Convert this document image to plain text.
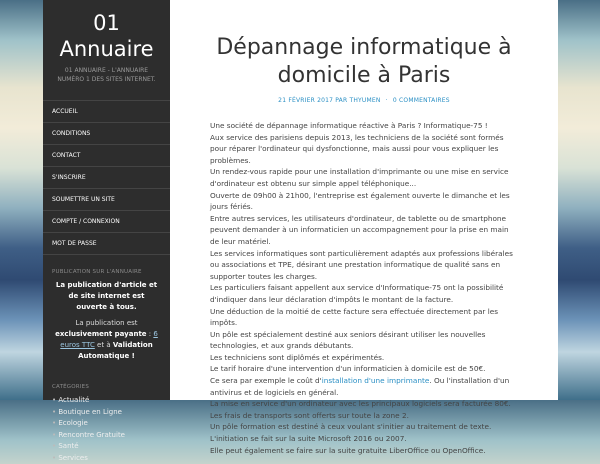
01
Annuaire
01 ANNUAIRE - L'ANNUAIRE NUMÉRO 1 DES SITES INTERNET.
ACCUEIL
CONDITIONS
CONTACT
S'INSCRIRE
SOUMETTRE UN SITE
COMPTE / CONNEXION
MOT DE PASSE
PUBLICATION SUR L'ANNUAIRE
La publication d'article et de site internet est ouverte à tous.
La publication est exclusivement payante : 6 euros TTC et à Validation Automatique !
CATÉGORIES
• Actualité
• Boutique en Ligne
• Ecologie
• Rencontre Gratuite
• Santé
• Services
Dépannage informatique à domicile à Paris
21 FÉVRIER 2017 PAR THYUMEN · 0 COMMENTAIRES

Une société de dépannage informatique réactive à Paris ? Informatique-75 !

Aux service des parisiens depuis 2013, les techniciens de la société sont formés pour réparer l'ordinateur qui dysfonctionne, mais aussi pour vous expliquer les problèmes.

Un rendez-vous rapide pour une installation d'imprimante ou une mise en service d'ordinateur est obtenu sur simple appel téléphonique...

Ouverte de 09h00 à 21h00, l'entreprise est également ouverte le dimanche et les jours fériés.

Entre autres services, les utilisateurs d'ordinateur, de tablette ou de smartphone peuvent demander à un informaticien un accompagnement pour la prise en main de leur matériel.

Les services informatiques sont particulièrement adaptés aux professions libérales ou associations et TPE, désirant une prestation informatique de qualité sans en supporter toutes les charges.

Les particuliers faisant appellent aux service d'Informatique-75 ont la possibilité d'indiquer dans leur déclaration d'impôts le montant de la facture.

Une déduction de la moitié de cette facture sera effectuée directement par les impôts.

Un pôle est spécialement destiné aux seniors désirant utiliser les nouvelles technologies, et aux grands débutants.

Les techniciens sont diplômés et expérimentés.

Le tarif horaire d'une intervention d'un informaticien à domicile est de 50€.

Ce sera par exemple le coût d'installation d'une imprimante. Ou l'installation d'un antivirus et de logiciels en général.

La mise en service d'un ordinateur avec les principaux logiciels sera facturée 80€.

Les frais de transports sont offerts sur toute la zone 2.

Un pôle formation est destiné à ceux voulant s'initier au traitement de texte. L'initiation se fait sur la suite Microsoft 2016 ou 2007.

Elle peut également se faire sur la suite gratuite LiberOffice ou OpenOffice.
